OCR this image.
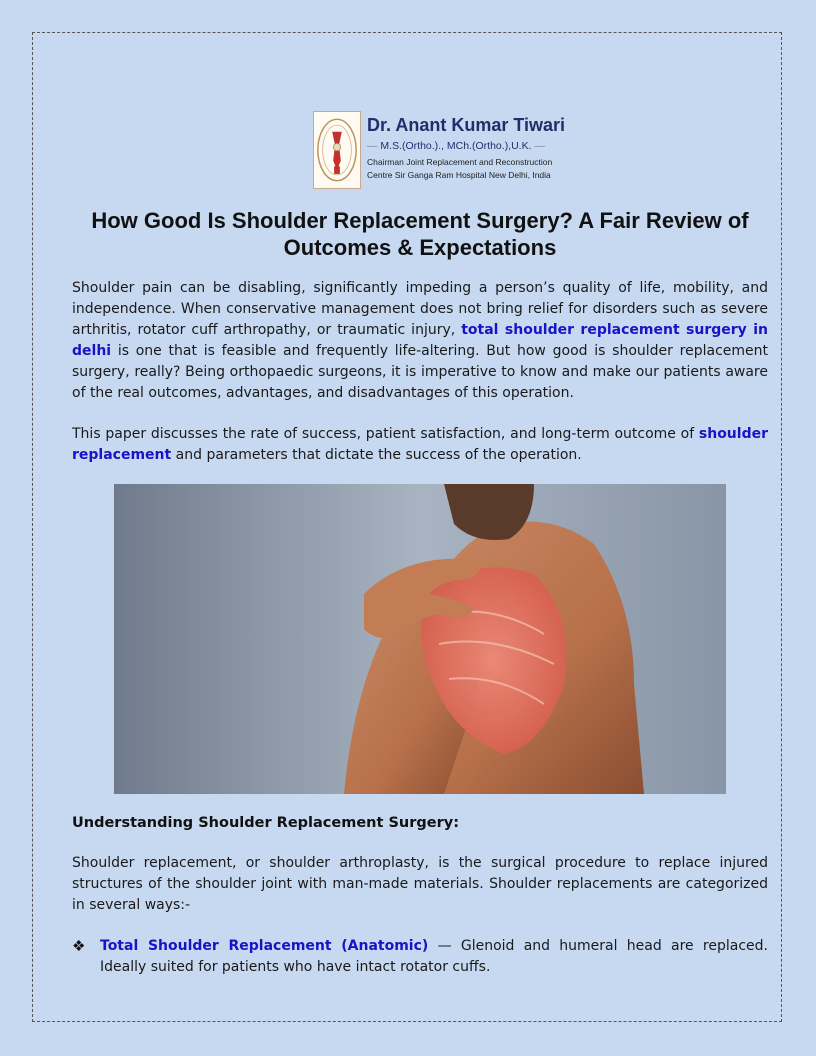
Dr. Anant Kumar Tiwari
— M.S.(Ortho.)., MCh.(Ortho.),U.K. —
Chairman Joint Replacement and Reconstruction
Centre Sir Ganga Ram Hospital New Delhi, India
How Good Is Shoulder Replacement Surgery? A Fair Review of Outcomes & Expectations

Shoulder pain can be disabling, significantly impeding a person’s quality of life, mobility, and independence. When conservative management does not bring relief for disorders such as severe arthritis, rotator cuff arthropathy, or traumatic injury, total shoulder replacement surgery in delhi is one that is feasible and frequently life-altering. But how good is shoulder replacement surgery, really? Being orthopaedic surgeons, it is imperative to know and make our patients aware of the real outcomes, advantages, and disadvantages of this operation.

This paper discusses the rate of success, patient satisfaction, and long-term outcome of shoulder replacement and parameters that dictate the success of the operation.

Understanding Shoulder Replacement Surgery:

Shoulder replacement, or shoulder arthroplasty, is the surgical procedure to replace injured structures of the shoulder joint with man-made materials. Shoulder replacements are categorized in several ways:-

❖ Total Shoulder Replacement (Anatomic) — Glenoid and humeral head are replaced. Ideally suited for patients who have intact rotator cuffs.
